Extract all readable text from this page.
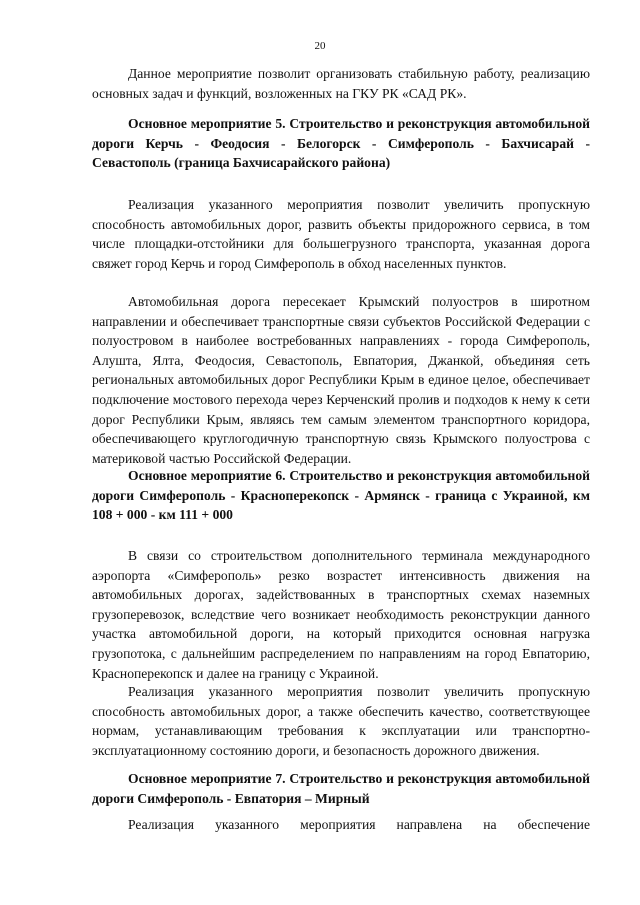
20

Данное мероприятие позволит организовать стабильную работу, реализацию основных задач и функций, возложенных на ГКУ РК «САД РК».

Основное мероприятие 5. Строительство и реконструкция автомобильной дороги Керчь - Феодосия - Белогорск - Симферополь - Бахчисарай - Севастополь (граница Бахчисарайского района)

Реализация указанного мероприятия позволит увеличить пропускную способность автомобильных дорог, развить объекты придорожного сервиса, в том числе площадки-отстойники для большегрузного транспорта, указанная дорога свяжет город Керчь и город Симферополь в обход населенных пунктов.

Автомобильная дорога пересекает Крымский полуостров в широтном направлении и обеспечивает транспортные связи субъектов Российской Федерации с полуостровом в наиболее востребованных направлениях - города Симферополь, Алушта, Ялта, Феодосия, Севастополь, Евпатория, Джанкой, объединяя сеть региональных автомобильных дорог Республики Крым в единое целое, обеспечивает подключение мостового перехода через Керченский пролив и подходов к нему к сети дорог Республики Крым, являясь тем самым элементом транспортного коридора, обеспечивающего круглогодичную транспортную связь Крымского полуострова с материковой частью Российской Федерации.

Основное мероприятие 6. Строительство и реконструкция автомобильной дороги Симферополь - Красноперекопск - Армянск - граница с Украиной, км 108 + 000 - км 111 + 000

В связи со строительством дополнительного терминала международного аэропорта «Симферополь» резко возрастет интенсивность движения на автомобильных дорогах, задействованных в транспортных схемах наземных грузоперевозок, вследствие чего возникает необходимость реконструкции данного участка автомобильной дороги, на который приходится основная нагрузка грузопотока, с дальнейшим распределением по направлениям на город Евпаторию, Красноперекопск и далее на границу с Украиной.

Реализация указанного мероприятия позволит увеличить пропускную способность автомобильных дорог, а также обеспечить качество, соответствующее нормам, устанавливающим требования к эксплуатации или транспортно-эксплуатационному состоянию дороги, и безопасность дорожного движения.

Основное мероприятие 7. Строительство и реконструкция автомобильной дороги Симферополь - Евпатория – Мирный

Реализация указанного мероприятия направлена на обеспечение
